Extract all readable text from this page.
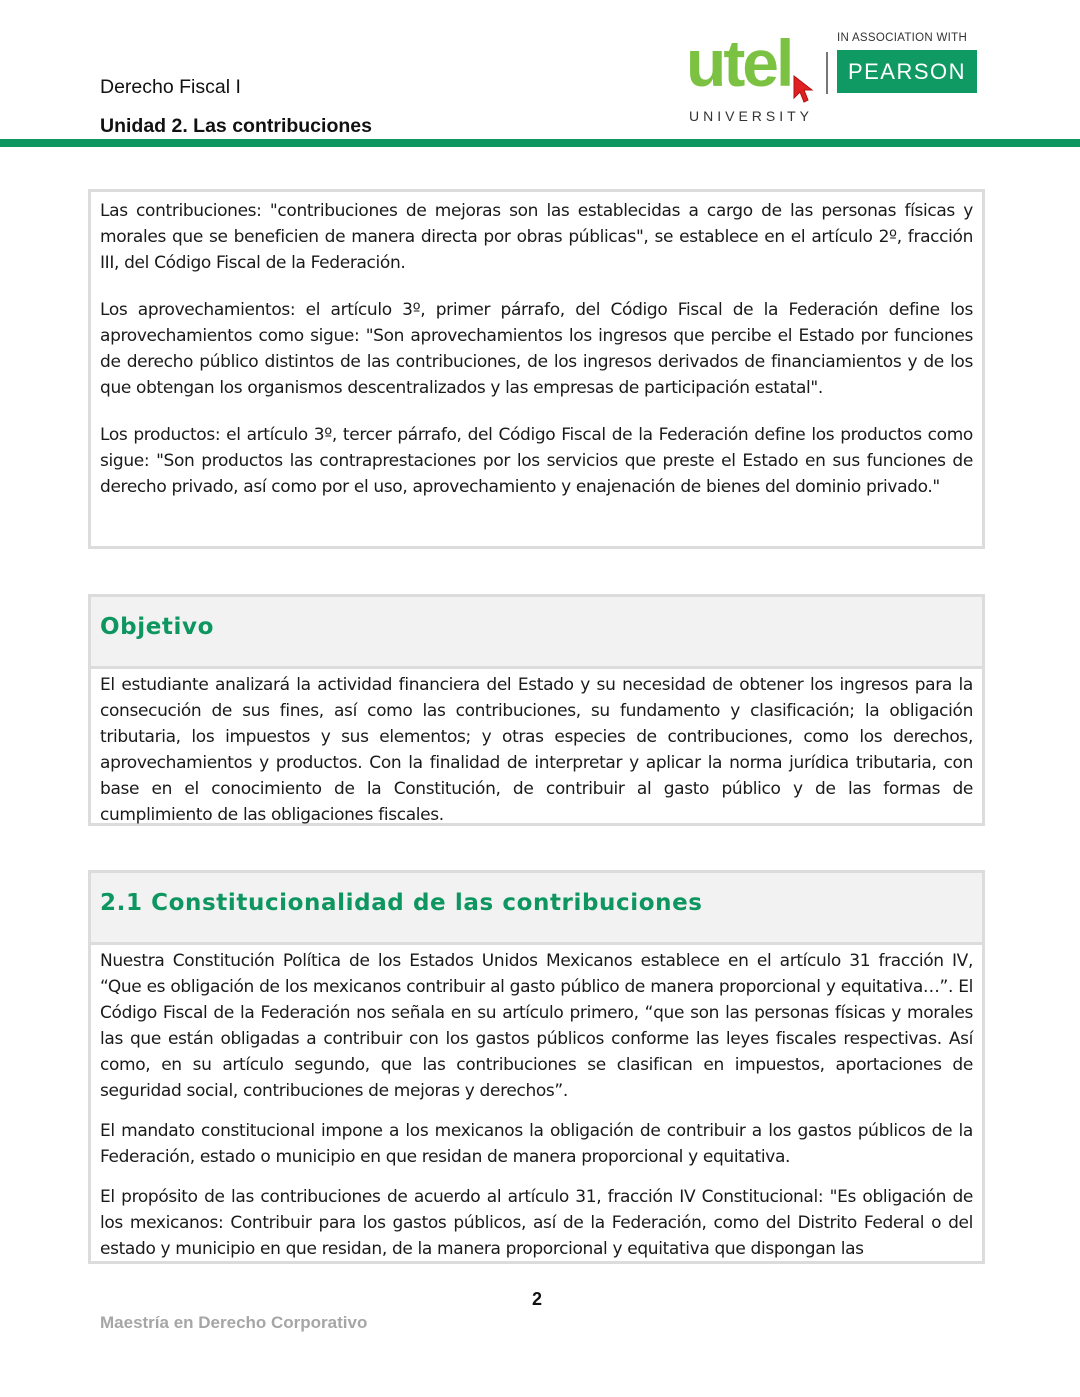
Derecho Fiscal I
Unidad 2. Las contribuciones
utel
UNIVERSITY
IN ASSOCIATION WITH
PEARSON

Las contribuciones: "contribuciones de mejoras son las establecidas a cargo de las personas físicas y morales que se beneficien de manera directa por obras públicas", se establece en el artículo 2º, fracción III, del Código Fiscal de la Federación.

Los aprovechamientos: el artículo 3º, primer párrafo, del Código Fiscal de la Federación define los aprovechamientos como sigue: "Son aprovechamientos los ingresos que percibe el Estado por funciones de derecho público distintos de las contribuciones, de los ingresos derivados de financiamientos y de los que obtengan los organismos descentralizados y las empresas de participación estatal".

Los productos: el artículo 3º, tercer párrafo, del Código Fiscal de la Federación define los productos como sigue: "Son productos las contraprestaciones por los servicios que preste el Estado en sus funciones de derecho privado, así como por el uso, aprovechamiento y enajenación de bienes del dominio privado."

Objetivo

El estudiante analizará la actividad financiera del Estado y su necesidad de obtener los ingresos para la consecución de sus fines, así como las contribuciones, su fundamento y clasificación; la obligación tributaria, los impuestos y sus elementos; y otras especies de contribuciones, como los derechos, aprovechamientos y productos. Con la finalidad de interpretar y aplicar la norma jurídica tributaria, con base en el conocimiento de la Constitución, de contribuir al gasto público y de las formas de cumplimiento de las obligaciones fiscales.

2.1 Constitucionalidad de las contribuciones

Nuestra Constitución Política de los Estados Unidos Mexicanos establece en el artículo 31 fracción IV, “Que es obligación de los mexicanos contribuir al gasto público de manera proporcional y equitativa…”. El Código Fiscal de la Federación nos señala en su artículo primero, “que son las personas físicas y morales las que están obligadas a contribuir con los gastos públicos conforme las leyes fiscales respectivas. Así como, en su artículo segundo, que las contribuciones se clasifican en impuestos, aportaciones de seguridad social, contribuciones de mejoras y derechos”.

El mandato constitucional impone a los mexicanos la obligación de contribuir a los gastos públicos de la Federación, estado o municipio en que residan de manera proporcional y equitativa.

El propósito de las contribuciones de acuerdo al artículo 31, fracción IV Constitucional: "Es obligación de los mexicanos: Contribuir para los gastos públicos, así de la Federación, como del Distrito Federal o del estado y municipio en que residan, de la manera proporcional y equitativa que dispongan las

2
Maestría en Derecho Corporativo
